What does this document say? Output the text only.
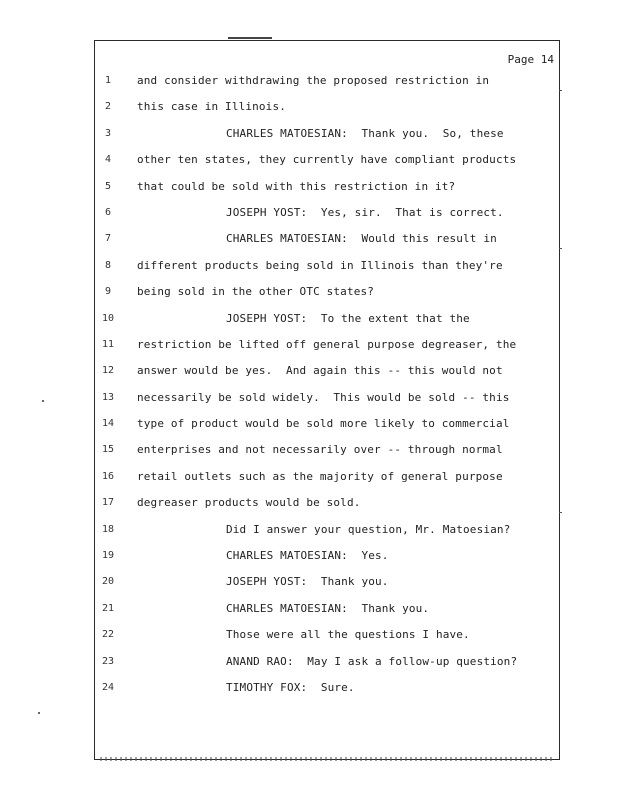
Page 14
1	and consider withdrawing the proposed restriction in
2	this case in Illinois.
3	CHARLES MATOESIAN:  Thank you.  So, these
4	other ten states, they currently have compliant products
5	that could be sold with this restriction in it?
6	JOSEPH YOST:  Yes, sir.  That is correct.
7	CHARLES MATOESIAN:  Would this result in
8	different products being sold in Illinois than they're
9	being sold in the other OTC states?
10	JOSEPH YOST:  To the extent that the
11	restriction be lifted off general purpose degreaser, the
12	answer would be yes.  And again this -- this would not
13	necessarily be sold widely.  This would be sold -- this
14	type of product would be sold more likely to commercial
15	enterprises and not necessarily over -- through normal
16	retail outlets such as the majority of general purpose
17	degreaser products would be sold.
18	Did I answer your question, Mr. Matoesian?
19	CHARLES MATOESIAN:  Yes.
20	JOSEPH YOST:  Thank you.
21	CHARLES MATOESIAN:  Thank you.
22	Those were all the questions I have.
23	ANAND RAO:  May I ask a follow-up question?
24	TIMOTHY FOX:  Sure.
